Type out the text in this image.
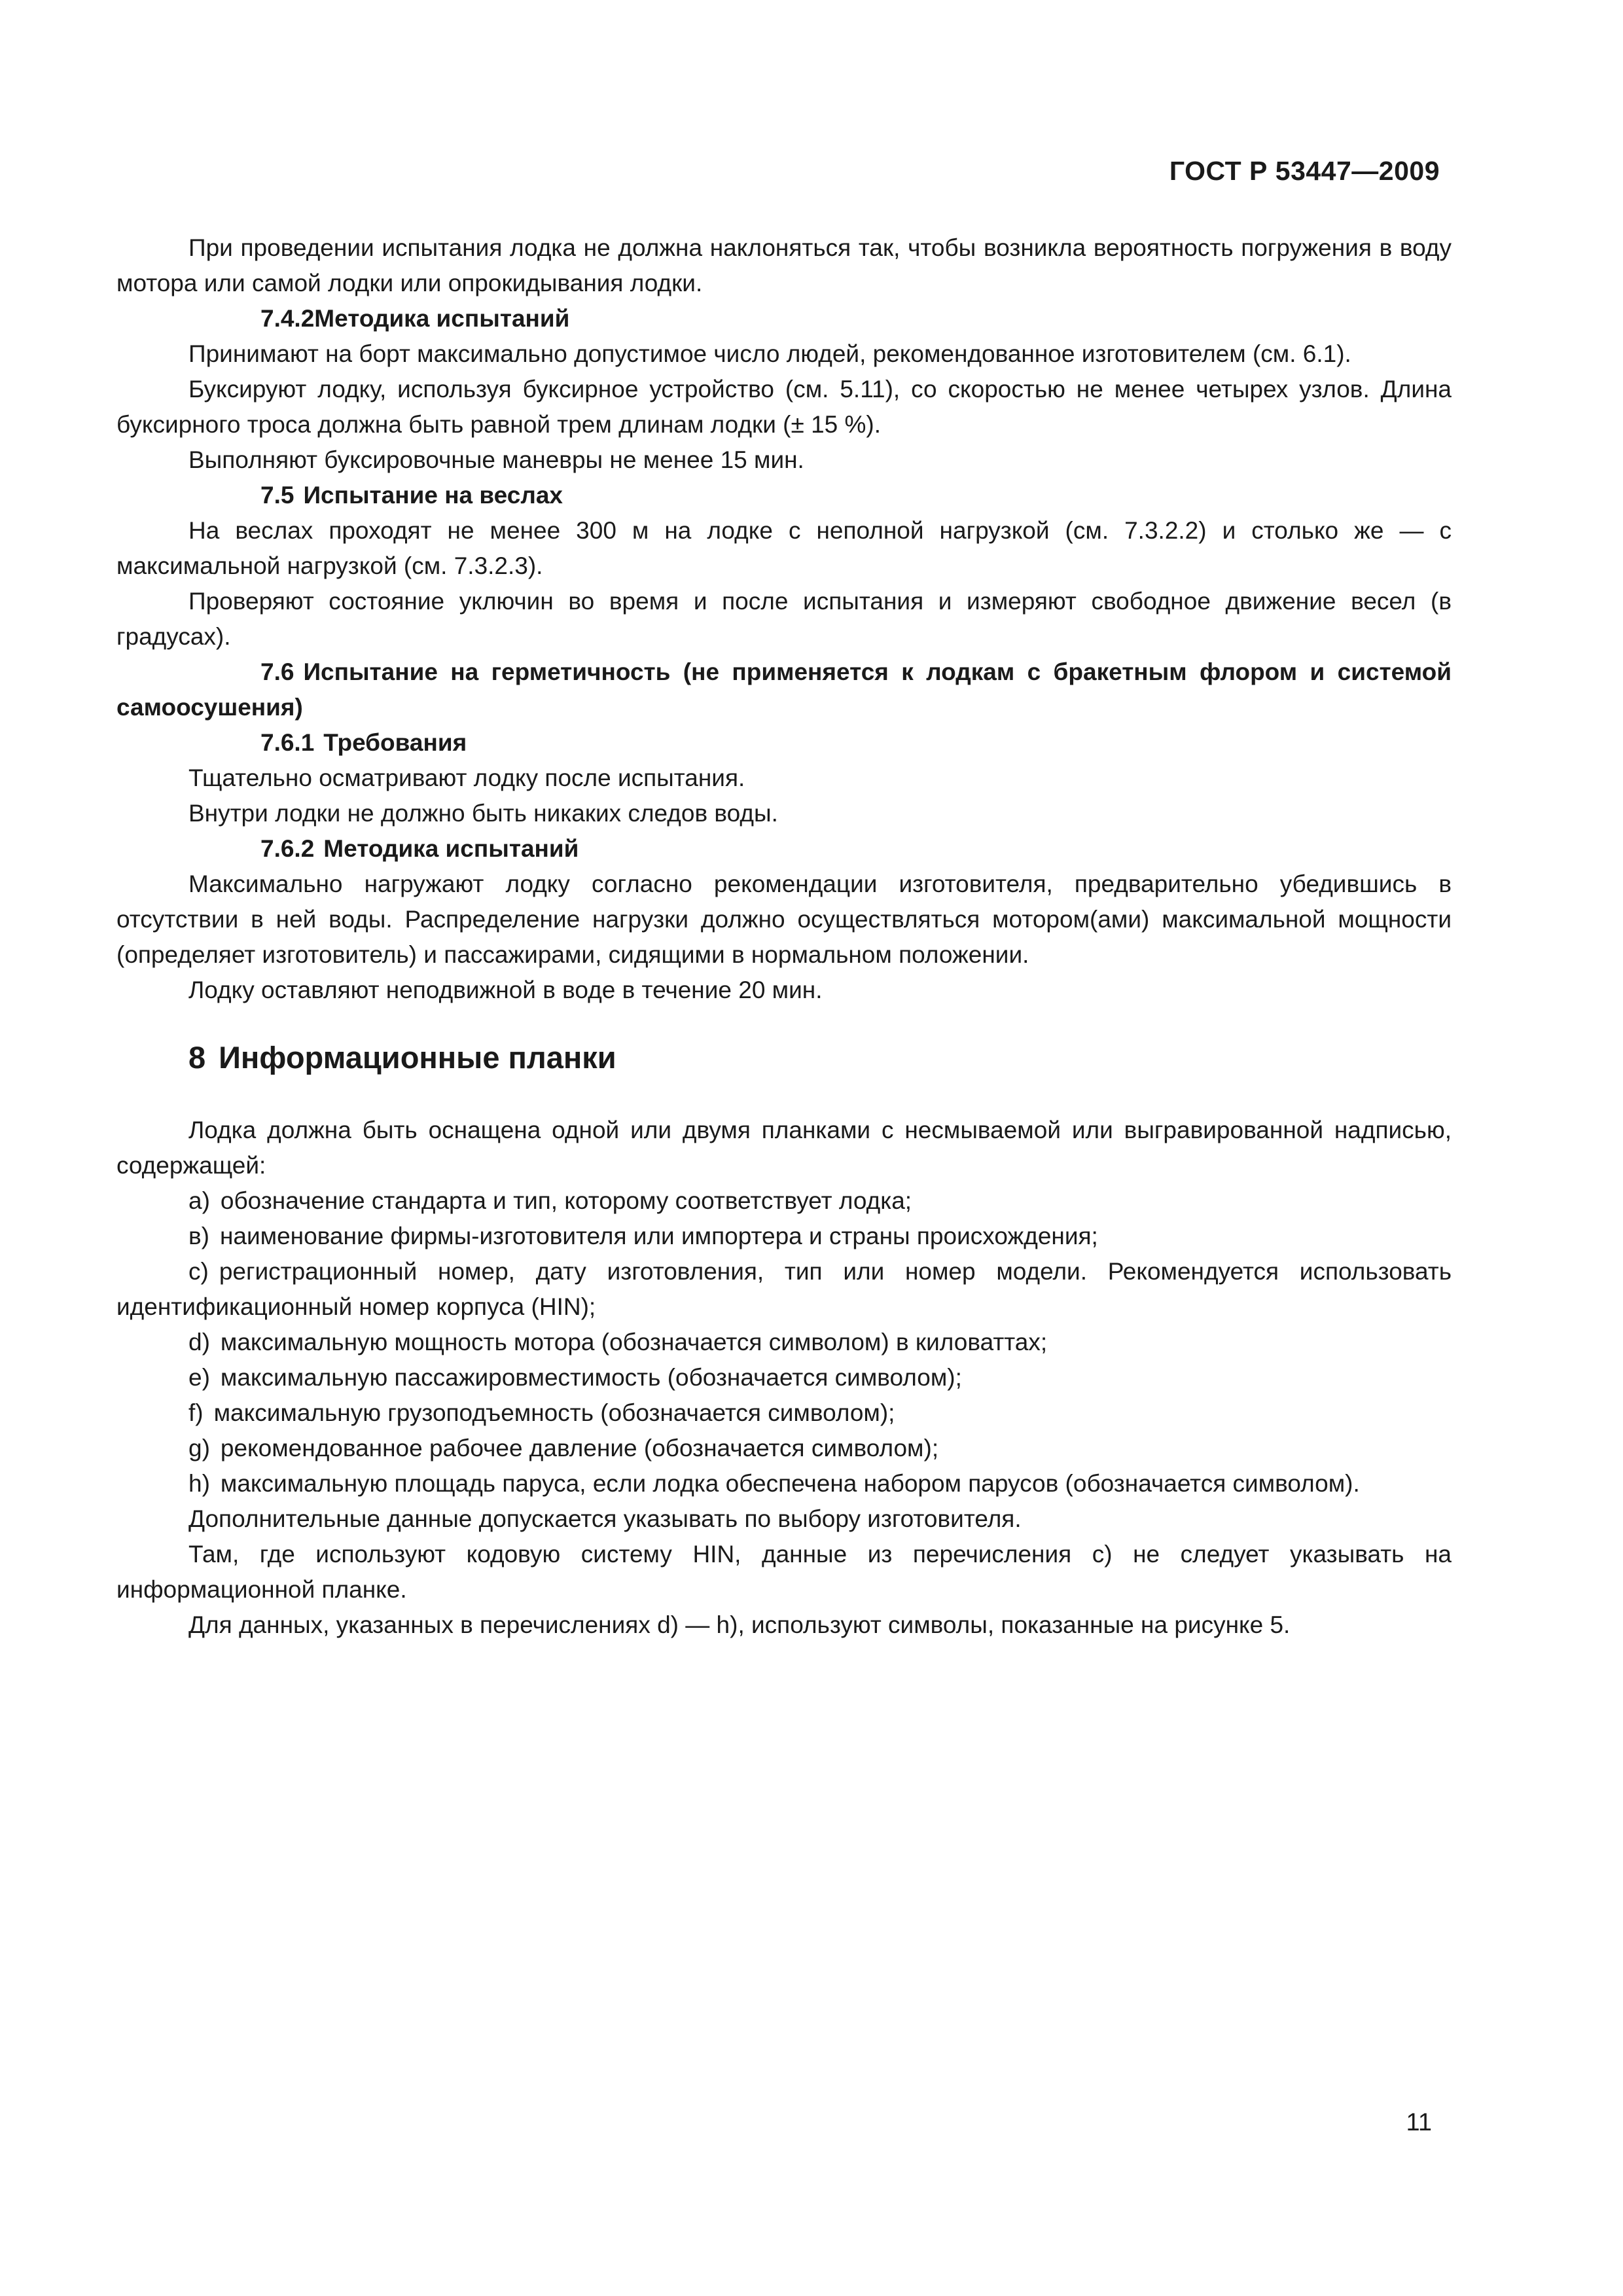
ГОСТ Р 53447—2009

При проведении испытания лодка не должна наклоняться так, чтобы возникла вероятность погружения в воду мотора или самой лодки или опрокидывания лодки.

7.4.2Методика испытаний

Принимают на борт максимально допустимое число людей, рекомендованное изготовителем (см. 6.1).

Буксируют лодку, используя буксирное устройство (см. 5.11), со скоростью не менее четырех узлов. Длина буксирного троса должна быть равной трем длинам лодки (± 15 %).

Выполняют буксировочные маневры не менее 15 мин.

7.5 Испытание на веслах

На веслах проходят не менее 300 м на лодке с неполной нагрузкой (см. 7.3.2.2) и столько же — с максимальной нагрузкой (см. 7.3.2.3).

Проверяют состояние уключин во время и после испытания и измеряют свободное движение весел (в градусах).

7.6 Испытание на герметичность (не применяется к лодкам с бракетным флором и системой самоосушения)

7.6.1 Требования

Тщательно осматривают лодку после испытания.

Внутри лодки не должно быть никаких следов воды.

7.6.2 Методика испытаний

Максимально нагружают лодку согласно рекомендации изготовителя, предварительно убедившись в отсутствии в ней воды. Распределение нагрузки должно осуществляться мотором(ами) максимальной мощности (определяет изготовитель) и пассажирами, сидящими в нормальном положении.

Лодку оставляют неподвижной в воде в течение 20 мин.

8 Информационные планки

Лодка должна быть оснащена одной или двумя планками с несмываемой или выгравированной надписью, содержащей:

a) обозначение стандарта и тип, которому соответствует лодка;

в) наименование фирмы-изготовителя или импортера и страны происхождения;

с) регистрационный номер, дату изготовления, тип или номер модели. Рекомендуется использовать идентификационный номер корпуса (HIN);

d) максимальную мощность мотора (обозначается символом) в киловаттах;

е) максимальную пассажировместимость (обозначается символом);

f) максимальную грузоподъемность (обозначается символом);

g) рекомендованное рабочее давление (обозначается символом);

h) максимальную площадь паруса, если лодка обеспечена набором парусов (обозначается символом).

Дополнительные данные допускается указывать по выбору изготовителя.

Там, где используют кодовую систему HIN, данные из перечисления с) не следует указывать на информационной планке.

Для данных, указанных в перечислениях d) — h), используют символы, показанные на рисунке 5.

11
